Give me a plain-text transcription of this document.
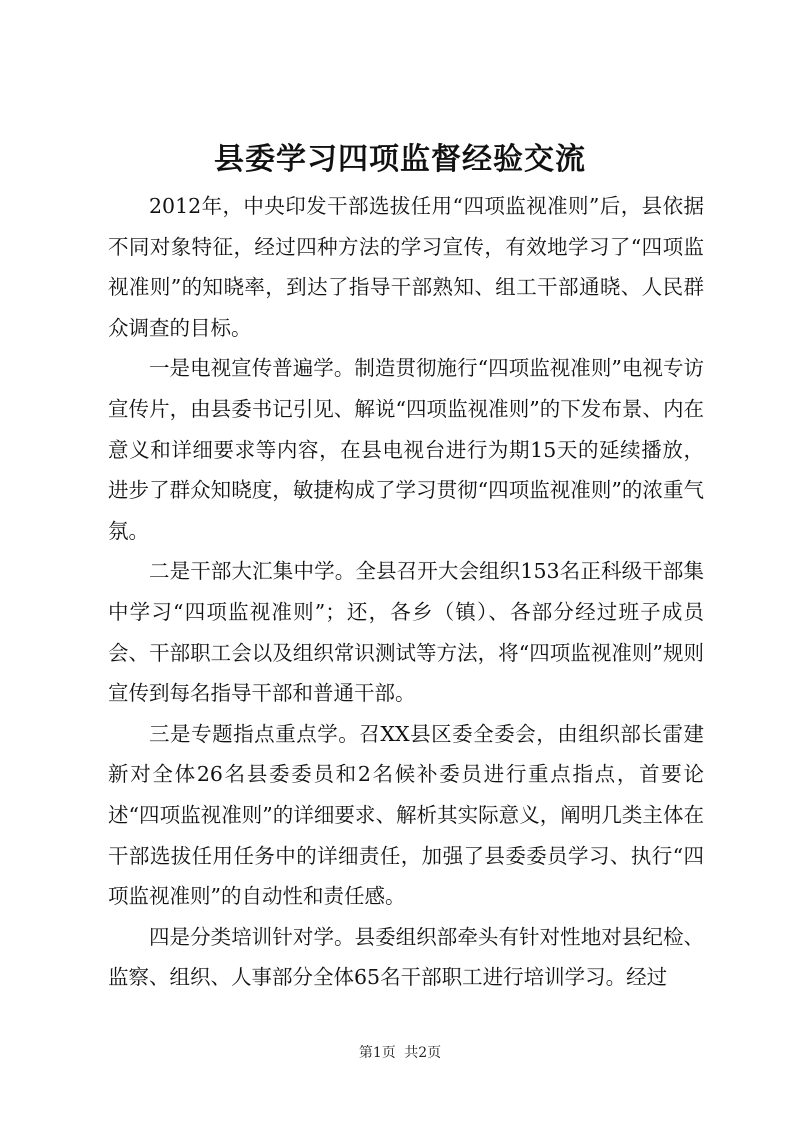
县委学习四项监督经验交流

2012年，中央印发干部选拔任用“四项监视准则”后，县依据不同对象特征，经过四种方法的学习宣传，有效地学习了“四项监视准则”的知晓率，到达了指导干部熟知、组工干部通晓、人民群众调查的目标。

一是电视宣传普遍学。制造贯彻施行“四项监视准则”电视专访宣传片，由县委书记引见、解说“四项监视准则”的下发布景、内在意义和详细要求等内容，在县电视台进行为期15天的延续播放，进步了群众知晓度，敏捷构成了学习贯彻“四项监视准则”的浓重气氛。

二是干部大汇集中学。全县召开大会组织153名正科级干部集中学习“四项监视准则”；还，各乡（镇）、各部分经过班子成员会、干部职工会以及组织常识测试等方法，将“四项监视准则”规则宣传到每名指导干部和普通干部。

三是专题指点重点学。召XX县区委全委会，由组织部长雷建新对全体26名县委委员和2名候补委员进行重点指点，首要论述“四项监视准则”的详细要求、解析其实际意义，阐明几类主体在干部选拔任用任务中的详细责任，加强了县委委员学习、执行“四项监视准则”的自动性和责任感。

四是分类培训针对学。县委组织部牵头有针对性地对县纪检、监察、组织、人事部分全体65名干部职工进行培训学习。经过

第1页 共2页
